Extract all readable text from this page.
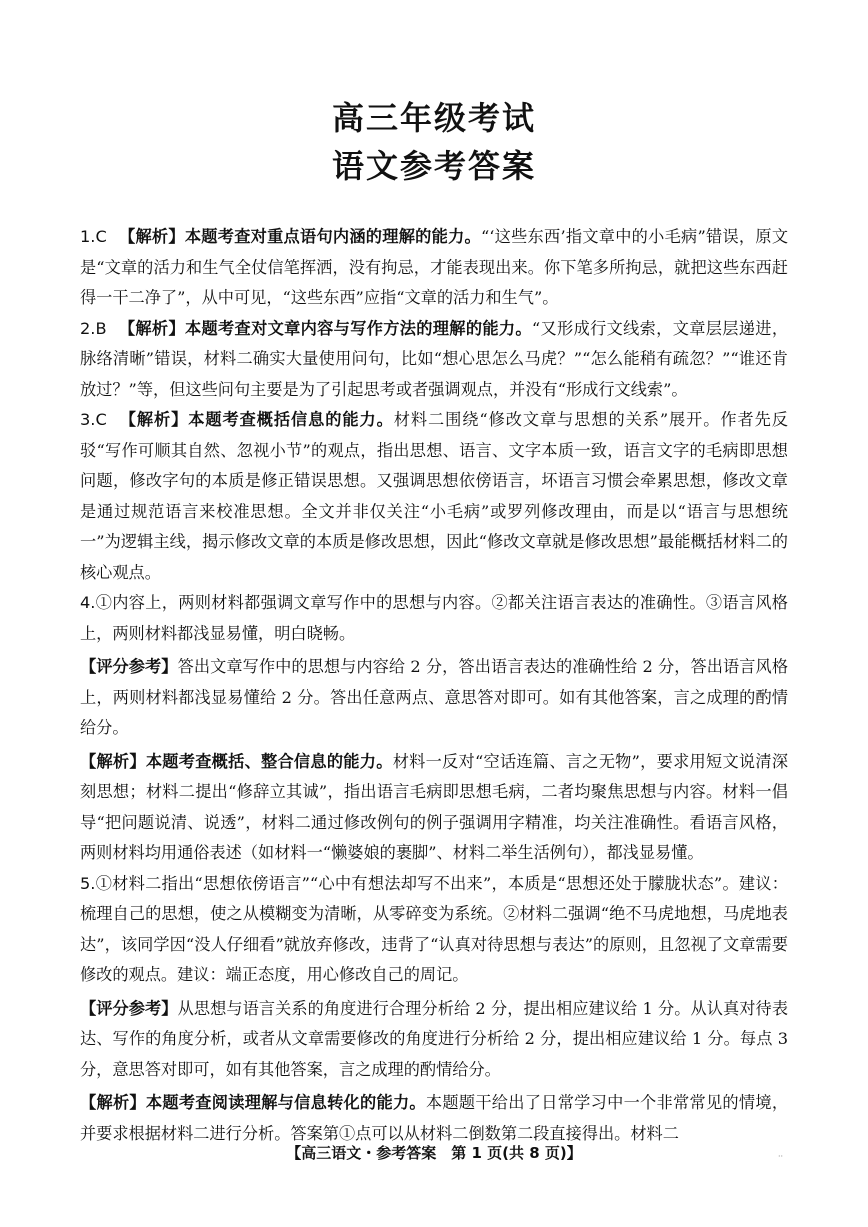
高三年级考试
语文参考答案

1.C 【解析】本题考查对重点语句内涵的理解的能力。“‘这些东西’指文章中的小毛病”错误，原文是“文章的活力和生气全仗信笔挥洒，没有拘忌，才能表现出来。你下笔多所拘忌，就把这些东西赶得一干二净了”，从中可见，“这些东西”应指“文章的活力和生气”。

2.B 【解析】本题考查对文章内容与写作方法的理解的能力。“又形成行文线索，文章层层递进，脉络清晰”错误，材料二确实大量使用问句，比如“想心思怎么马虎？”“怎么能稍有疏忽？”“谁还肯放过？”等，但这些问句主要是为了引起思考或者强调观点，并没有“形成行文线索”。

3.C 【解析】本题考查概括信息的能力。材料二围绕“修改文章与思想的关系”展开。作者先反驳“写作可顺其自然、忽视小节”的观点，指出思想、语言、文字本质一致，语言文字的毛病即思想问题，修改字句的本质是修正错误思想。又强调思想依傍语言，坏语言习惯会牵累思想，修改文章是通过规范语言来校准思想。全文并非仅关注“小毛病”或罗列修改理由，而是以“语言与思想统一”为逻辑主线，揭示修改文章的本质是修改思想，因此“修改文章就是修改思想”最能概括材料二的核心观点。

4.①内容上，两则材料都强调文章写作中的思想与内容。②都关注语言表达的准确性。③语言风格上，两则材料都浅显易懂，明白晓畅。

【评分参考】答出文章写作中的思想与内容给 2 分，答出语言表达的准确性给 2 分，答出语言风格上，两则材料都浅显易懂给 2 分。答出任意两点、意思答对即可。如有其他答案，言之成理的酌情给分。

【解析】本题考查概括、整合信息的能力。材料一反对“空话连篇、言之无物”，要求用短文说清深刻思想；材料二提出“修辞立其诚”，指出语言毛病即思想毛病，二者均聚焦思想与内容。材料一倡导“把问题说清、说透”，材料二通过修改例句的例子强调用字精准，均关注准确性。看语言风格，两则材料均用通俗表述（如材料一“懒婆娘的裹脚”、材料二举生活例句），都浅显易懂。

5.①材料二指出“思想依傍语言”“心中有想法却写不出来”，本质是“思想还处于朦胧状态”。建议：梳理自己的思想，使之从模糊变为清晰，从零碎变为系统。②材料二强调“绝不马虎地想，马虎地表达”，该同学因“没人仔细看”就放弃修改，违背了“认真对待思想与表达”的原则，且忽视了文章需要修改的观点。建议：端正态度，用心修改自己的周记。

【评分参考】从思想与语言关系的角度进行合理分析给 2 分，提出相应建议给 1 分。从认真对待表达、写作的角度分析，或者从文章需要修改的角度进行分析给 2 分，提出相应建议给 1 分。每点 3 分，意思答对即可，如有其他答案，言之成理的酌情给分。

【解析】本题考查阅读理解与信息转化的能力。本题题干给出了日常学习中一个非常常见的情境，并要求根据材料二进行分析。答案第①点可以从材料二倒数第二段直接得出。材料二

【高三语文・参考答案　第 1 页(共 8 页)】	··
